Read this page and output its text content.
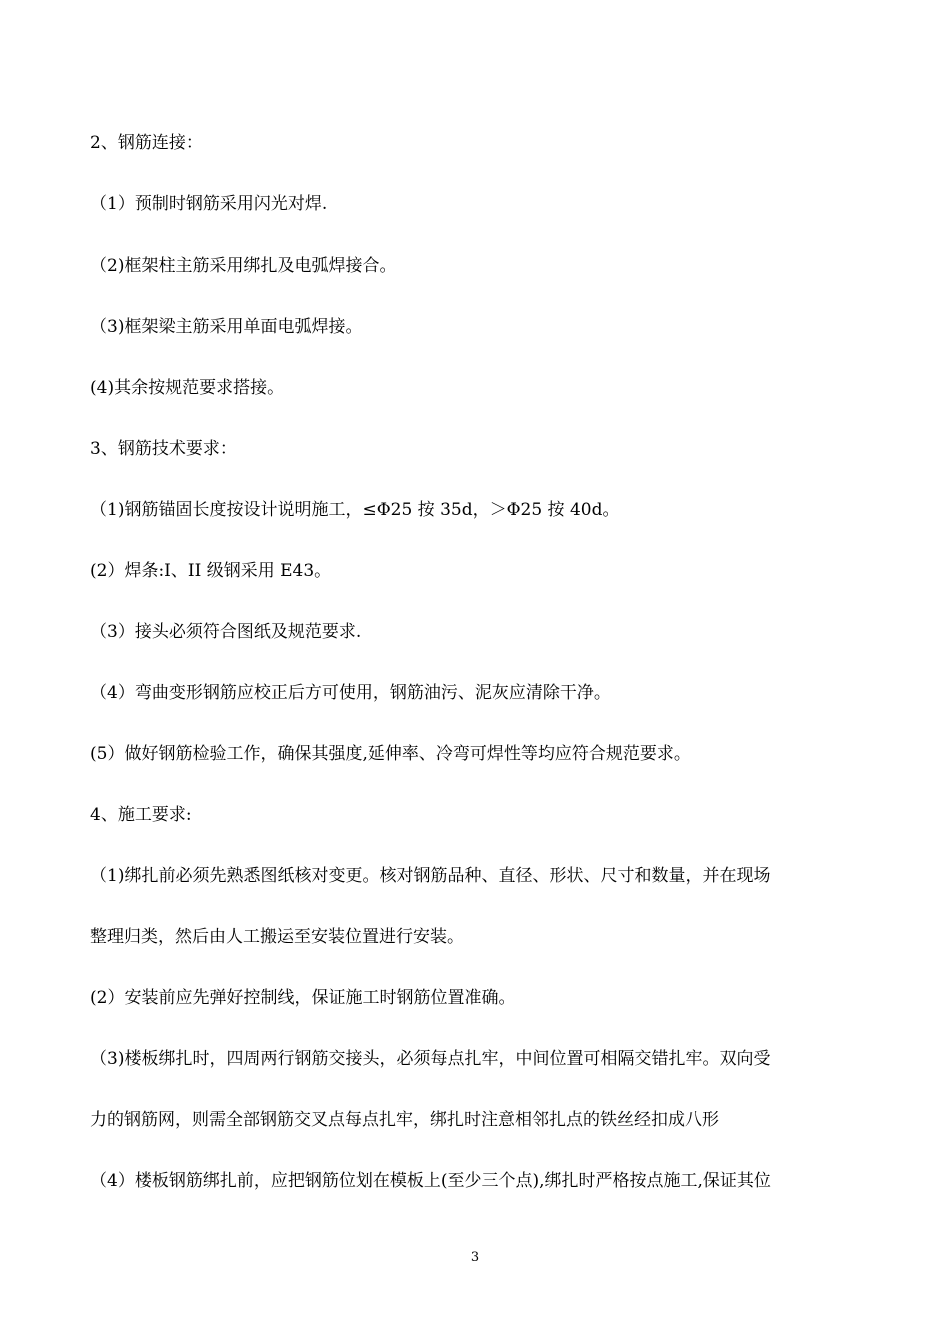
2、钢筋连接：
（1）预制时钢筋采用闪光对焊.
（2)框架柱主筋采用绑扎及电弧焊接合。
（3)框架梁主筋采用单面电弧焊接。
(4)其余按规范要求搭接。
3、钢筋技术要求：
（1)钢筋锚固长度按设计说明施工，≤Φ25 按 35d，＞Φ25 按 40d。
(2）焊条:I、II 级钢采用 E43。
（3）接头必须符合图纸及规范要求.
（4）弯曲变形钢筋应校正后方可使用，钢筋油污、泥灰应清除干净。
(5）做好钢筋检验工作，确保其强度,延伸率、冷弯可焊性等均应符合规范要求。
4、施工要求:
（1)绑扎前必须先熟悉图纸核对变更。核对钢筋品种、直径、形状、尺寸和数量，并在现场
整理归类，然后由人工搬运至安装位置进行安装。
(2）安装前应先弹好控制线，保证施工时钢筋位置准确。
（3)楼板绑扎时，四周两行钢筋交接头，必须每点扎牢，中间位置可相隔交错扎牢。双向受
力的钢筋网，则需全部钢筋交叉点每点扎牢，绑扎时注意相邻扎点的铁丝经扣成八形
（4）楼板钢筋绑扎前，应把钢筋位划在模板上(至少三个点),绑扎时严格按点施工,保证其位
3
